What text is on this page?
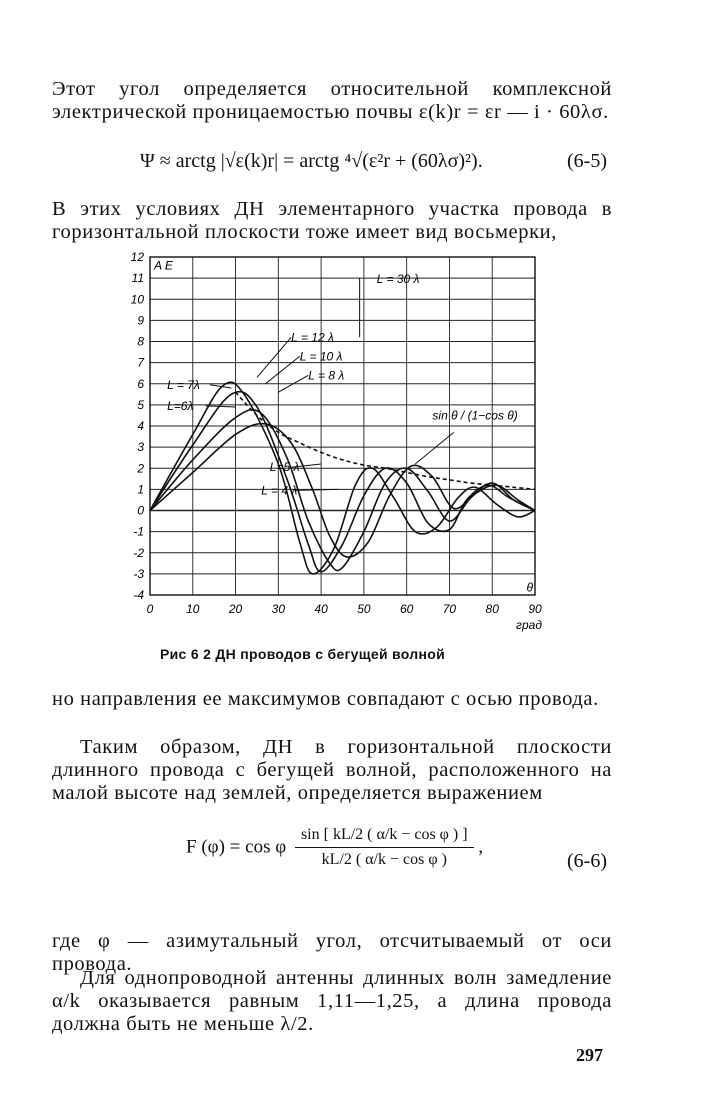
Этот угол определяется относительной комплексной электрической проницаемостью почвы ε(k)r = εr — i · 60λσ.
Ψ ≈ arctg |√ε(k)r| = arctg ⁴√(ε²r + (60λσ)²).	(6-5)
В этих условиях ДН элементарного участка провода в горизонтальной плоскости тоже имеет вид восьмерки,
-4
-3
-2
-1
0
1
2
3
4
5
6
7
8
9
10
11
12
0	10 20 30 40 50 60 70 80 90
град
A E
θ
L = 30 λ
L = 12 λ
L = 10 λ
L = 8 λ
L = 7λ
L=6λ
L=5 λ
L = 4 λ
sin θ / (1−cos θ)
Рис 6 2 ДН проводов с бегущей волной
но направления ее максимумов совпадают с осью провода.
Таким образом, ДН в горизонтальной плоскости длинного провода с бегущей волной, расположенного на малой высоте над землей, определяется выражением
F (φ) = cos φ $\frac{\text{sin [ kL/2 ( α/k − cos φ ) ]}}{\text{kL/2 ( α/k − cos φ )}}$ ,
(6-6)
где φ — азимутальный угол, отсчитываемый от оси провода.
Для однопроводной антенны длинных волн замедление α/k оказывается равным 1,11—1,25, а длина провода должна быть не меньше λ/2.
297
